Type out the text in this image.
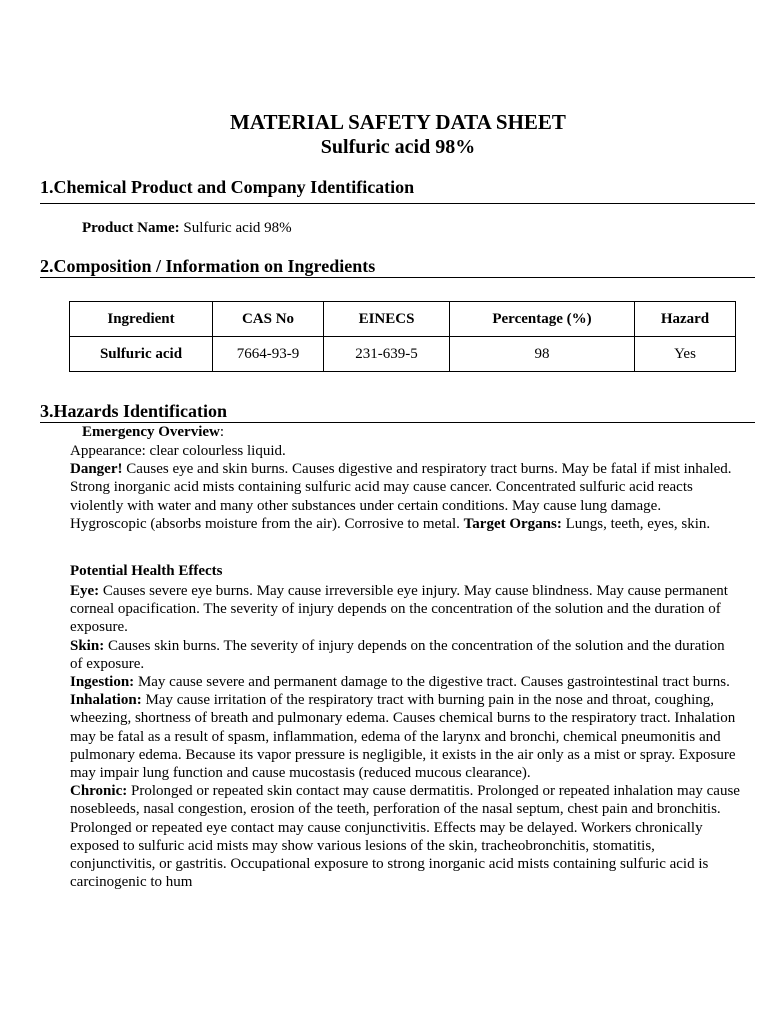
MATERIAL SAFETY DATA SHEET
Sulfuric acid 98%
1.Chemical Product and Company Identification
Product Name: Sulfuric acid 98%
2.Composition / Information on Ingredients
Ingredient	CAS No	EINECS	Percentage (%)	Hazard
Sulfuric acid	7664-93-9	231-639-5	98	Yes
3.Hazards Identification
Emergency Overview:
Appearance: clear colourless liquid.
Danger! Causes eye and skin burns. Causes digestive and respiratory tract burns. May be fatal if mist inhaled. Strong inorganic acid mists containing sulfuric acid may cause cancer. Concentrated sulfuric acid reacts violently with water and many other substances under certain conditions. May cause lung damage. Hygroscopic (absorbs moisture from the air). Corrosive to metal. Target Organs: Lungs, teeth, eyes, skin.
Potential Health Effects
Eye: Causes severe eye burns. May cause irreversible eye injury. May cause blindness. May cause permanent corneal opacification. The severity of injury depends on the concentration of the solution and the duration of exposure.
Skin: Causes skin burns. The severity of injury depends on the concentration of the solution and the duration of exposure.
Ingestion: May cause severe and permanent damage to the digestive tract. Causes gastrointestinal tract burns.
Inhalation: May cause irritation of the respiratory tract with burning pain in the nose and throat, coughing, wheezing, shortness of breath and pulmonary edema. Causes chemical burns to the respiratory tract. Inhalation may be fatal as a result of spasm, inflammation, edema of the larynx and bronchi, chemical pneumonitis and pulmonary edema. Because its vapor pressure is negligible, it exists in the air only as a mist or spray. Exposure may impair lung function and cause mucostasis (reduced mucous clearance).
Chronic: Prolonged or repeated skin contact may cause dermatitis. Prolonged or repeated inhalation may cause nosebleeds, nasal congestion, erosion of the teeth, perforation of the nasal septum, chest pain and bronchitis. Prolonged or repeated eye contact may cause conjunctivitis. Effects may be delayed. Workers chronically exposed to sulfuric acid mists may show various lesions of the skin, tracheobronchitis, stomatitis, conjunctivitis, or gastritis. Occupational exposure to strong inorganic acid mists containing sulfuric acid is carcinogenic to hum
